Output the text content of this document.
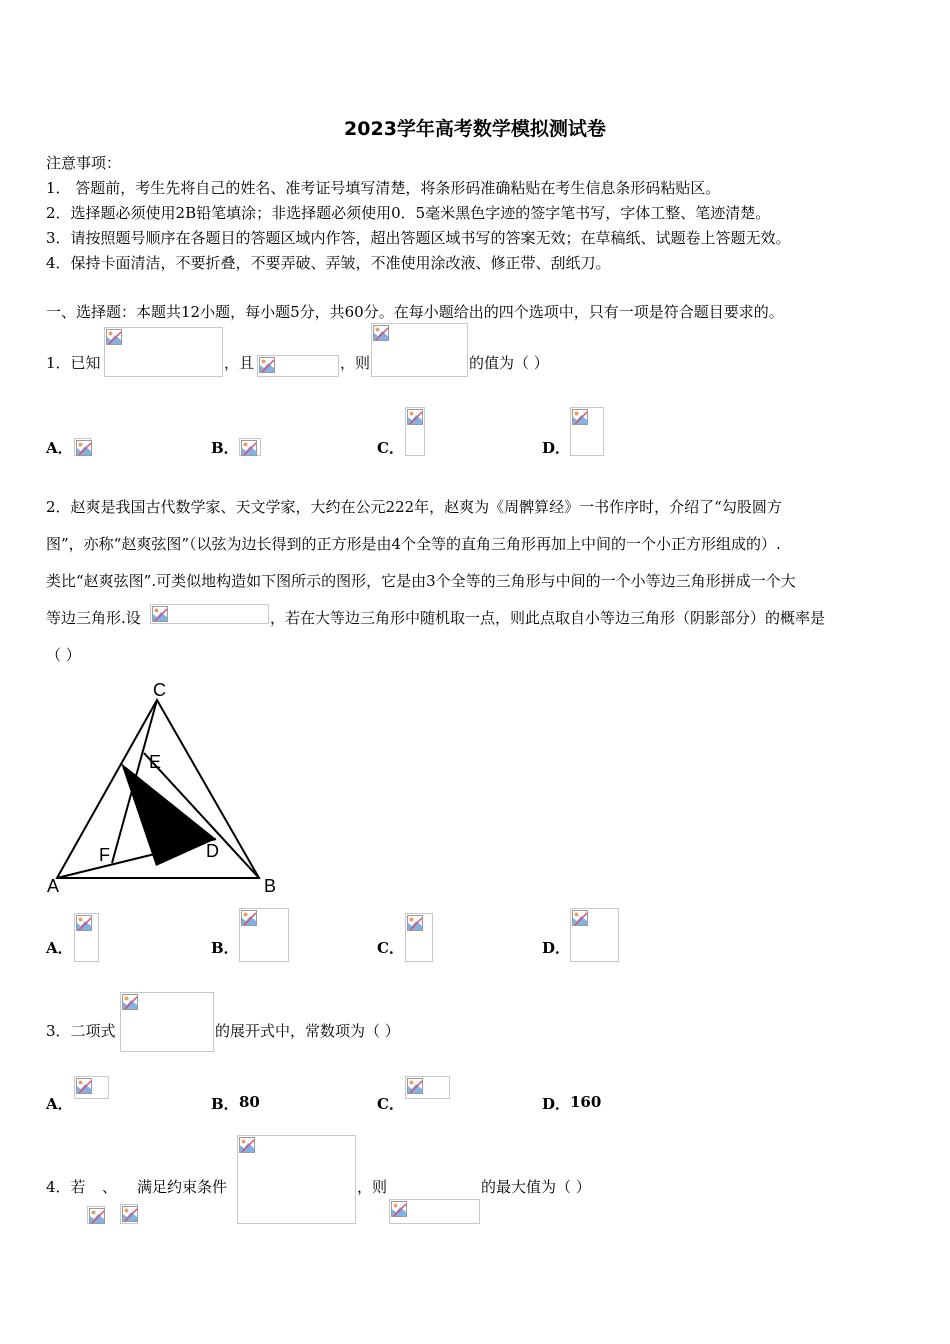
2023学年高考数学模拟测试卷
注意事项：
1． 答题前，考生先将自己的姓名、准考证号填写清楚，将条形码准确粘贴在考生信息条形码粘贴区。
2．选择题必须使用2B铅笔填涂；非选择题必须使用0．5毫米黑色字迹的签字笔书写，字体工整、笔迹清楚。
3．请按照题号顺序在各题目的答题区域内作答，超出答题区域书写的答案无效；在草稿纸、试题卷上答题无效。
4．保持卡面清洁，不要折叠，不要弄破、弄皱，不准使用涂改液、修正带、刮纸刀。
一、选择题：本题共12小题，每小题5分，共60分。在每小题给出的四个选项中，只有一项是符合题目要求的。
1．已知	，且	，则	的值为（ ）
A．	B．	C．	D．
2．赵爽是我国古代数学家、天文学家，大约在公元222年，赵爽为《周髀算经》一书作序时，介绍了“勾股圆方
图”，亦称“赵爽弦图”（以弦为边长得到的正方形是由4个全等的直角三角形再加上中间的一个小正方形组成的）.
类比“赵爽弦图”.可类似地构造如下图所示的图形，它是由3个全等的三角形与中间的一个小等边三角形拼成一个大
等边三角形.设	，若在大等边三角形中随机取一点，则此点取自小等边三角形（阴影部分）的概率是
（ ）
C
E
F	D
A	B
A．	B．	C．	D．
3．二项式	的展开式中，常数项为（ ）
A．	B． 80	C．	D． 160
4．若 、 满足约束条件	，则	的最大值为（ ）
